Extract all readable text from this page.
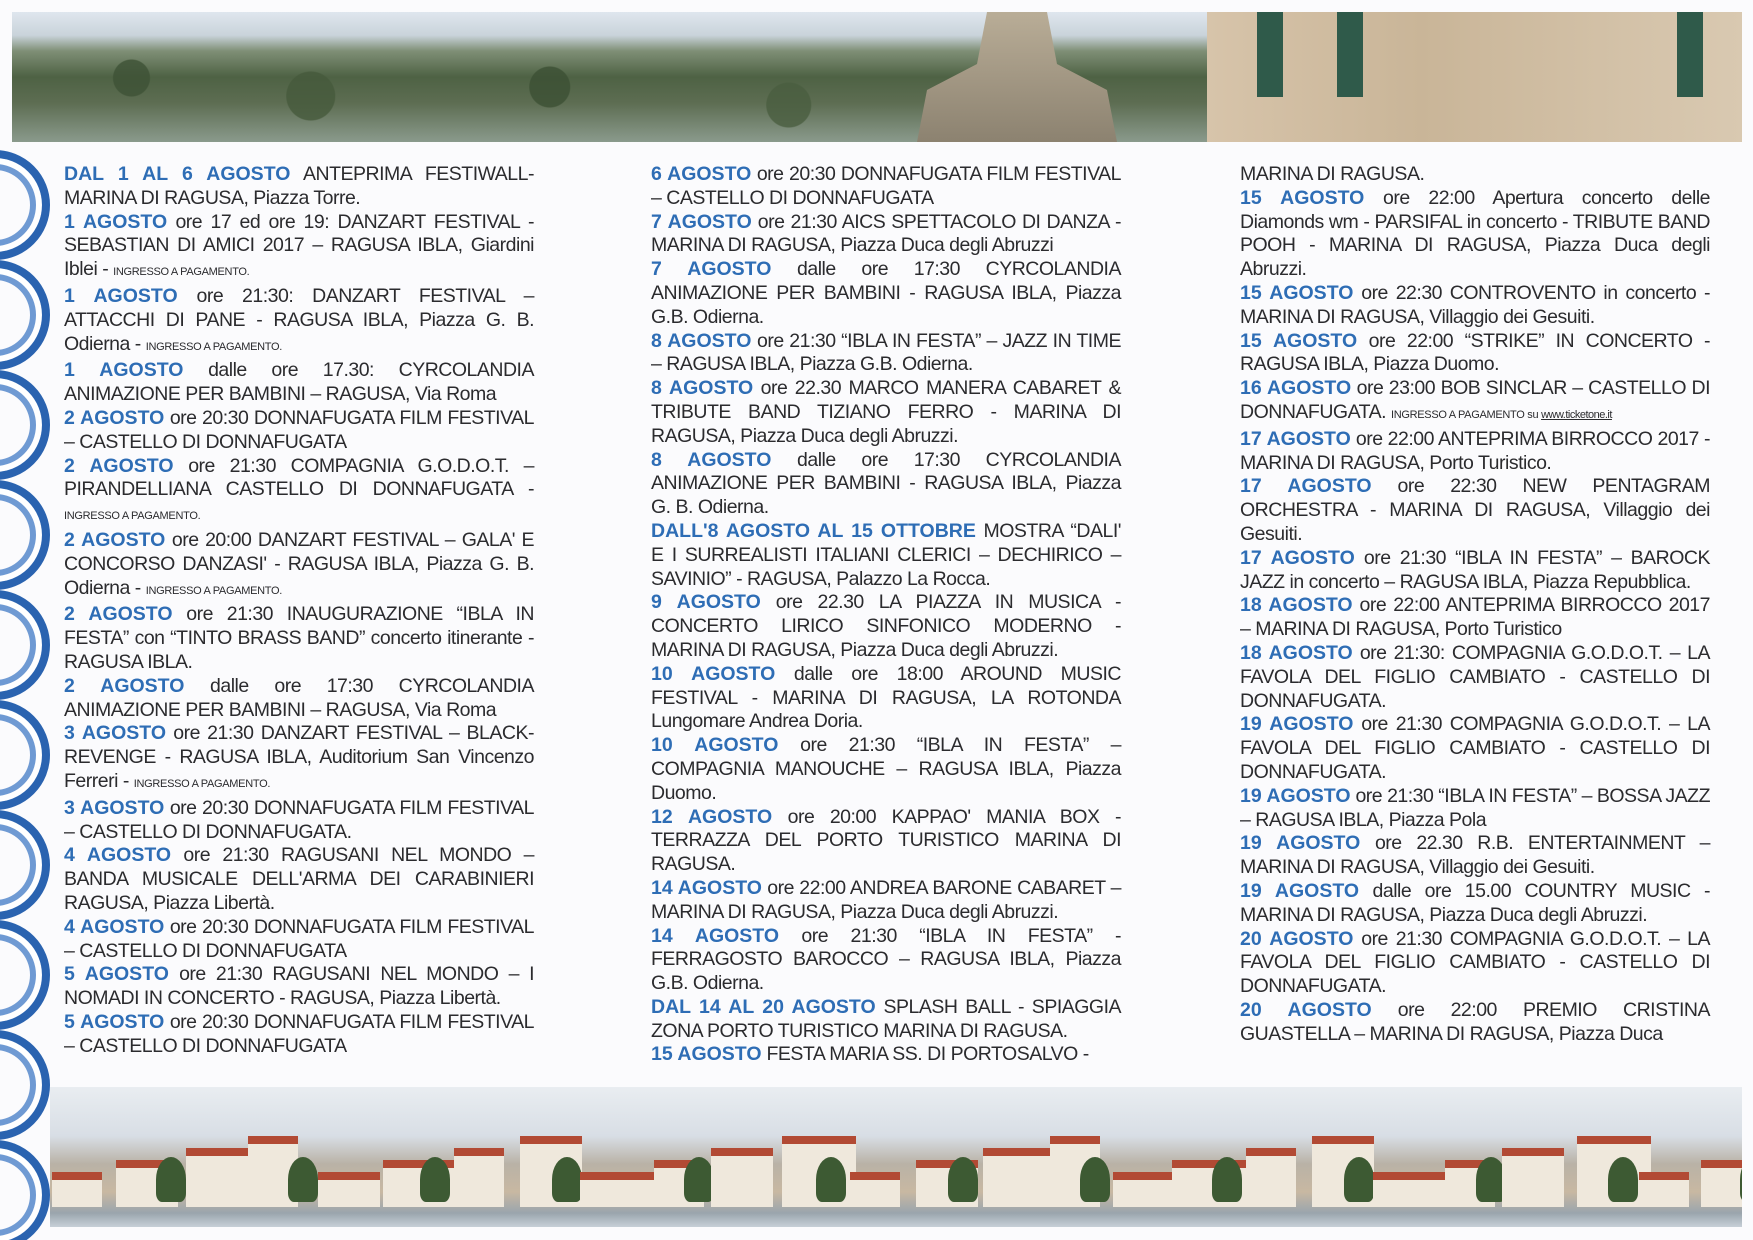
DAL 1 AL 6 AGOSTO ANTEPRIMA FESTIWALL-MARINA DI RAGUSA, Piazza Torre.

1 AGOSTO ore 17 ed ore 19: DANZART FESTIVAL - SEBASTIAN DI AMICI 2017 – RAGUSA IBLA, Giardini Iblei - INGRESSO A PAGAMENTO.

1 AGOSTO ore 21:30: DANZART FESTIVAL – ATTACCHI DI PANE - RAGUSA IBLA, Piazza G. B. Odierna - INGRESSO A PAGAMENTO.

1 AGOSTO dalle ore 17.30: CYRCOLANDIA ANIMAZIONE PER BAMBINI – RAGUSA, Via Roma

2 AGOSTO ore 20:30 DONNAFUGATA FILM FESTIVAL – CASTELLO DI DONNAFUGATA

2 AGOSTO ore 21:30 COMPAGNIA G.O.D.O.T. – PIRANDELLIANA CASTELLO DI DONNAFUGATA - INGRESSO A PAGAMENTO.

2 AGOSTO ore 20:00 DANZART FESTIVAL – GALA' E CONCORSO DANZASI' - RAGUSA IBLA, Piazza G. B. Odierna - INGRESSO A PAGAMENTO.

2 AGOSTO ore 21:30 INAUGURAZIONE “IBLA IN FESTA” con “TINTO BRASS BAND” concerto itinerante - RAGUSA IBLA.

2 AGOSTO dalle ore 17:30 CYRCOLANDIA ANIMAZIONE PER BAMBINI – RAGUSA, Via Roma

3 AGOSTO ore 21:30 DANZART FESTIVAL – BLACK-REVENGE - RAGUSA IBLA, Auditorium San Vincenzo Ferreri - INGRESSO A PAGAMENTO.

3 AGOSTO ore 20:30 DONNAFUGATA FILM FESTIVAL – CASTELLO DI DONNAFUGATA.

4 AGOSTO ore 21:30 RAGUSANI NEL MONDO – BANDA MUSICALE DELL'ARMA DEI CARABINIERI RAGUSA, Piazza Libertà.

4 AGOSTO ore 20:30 DONNAFUGATA FILM FESTIVAL – CASTELLO DI DONNAFUGATA

5 AGOSTO ore 21:30 RAGUSANI NEL MONDO – I NOMADI IN CONCERTO - RAGUSA, Piazza Libertà.

5 AGOSTO ore 20:30 DONNAFUGATA FILM FESTIVAL – CASTELLO DI DONNAFUGATA

6 AGOSTO ore 20:30 DONNAFUGATA FILM FESTIVAL – CASTELLO DI DONNAFUGATA

7 AGOSTO ore 21:30 AICS SPETTACOLO DI DANZA - MARINA DI RAGUSA, Piazza Duca degli Abruzzi

7 AGOSTO dalle ore 17:30 CYRCOLANDIA ANIMAZIONE PER BAMBINI - RAGUSA IBLA, Piazza G.B. Odierna.

8 AGOSTO ore 21:30 “IBLA IN FESTA” – JAZZ IN TIME – RAGUSA IBLA, Piazza G.B. Odierna.

8 AGOSTO ore 22.30 MARCO MANERA CABARET & TRIBUTE BAND TIZIANO FERRO - MARINA DI RAGUSA, Piazza Duca degli Abruzzi.

8 AGOSTO dalle ore 17:30 CYRCOLANDIA ANIMAZIONE PER BAMBINI - RAGUSA IBLA, Piazza G. B. Odierna.

DALL'8 AGOSTO AL 15 OTTOBRE MOSTRA “DALI' E I SURREALISTI ITALIANI CLERICI – DECHIRICO – SAVINIO” - RAGUSA, Palazzo La Rocca.

9 AGOSTO ore 22.30 LA PIAZZA IN MUSICA - CONCERTO LIRICO SINFONICO MODERNO - MARINA DI RAGUSA, Piazza Duca degli Abruzzi.

10 AGOSTO dalle ore 18:00 AROUND MUSIC FESTIVAL - MARINA DI RAGUSA, LA ROTONDA Lungomare Andrea Doria.

10 AGOSTO ore 21:30 “IBLA IN FESTA” – COMPAGNIA MANOUCHE – RAGUSA IBLA, Piazza Duomo.

12 AGOSTO ore 20:00 KAPPAO' MANIA BOX - TERRAZZA DEL PORTO TURISTICO MARINA DI RAGUSA.

14 AGOSTO ore 22:00 ANDREA BARONE CABARET – MARINA DI RAGUSA, Piazza Duca degli Abruzzi.

14 AGOSTO ore 21:30 “IBLA IN FESTA” - FERRAGOSTO BAROCCO – RAGUSA IBLA, Piazza G.B. Odierna.

DAL 14 AL 20 AGOSTO SPLASH BALL - SPIAGGIA ZONA PORTO TURISTICO MARINA DI RAGUSA.

15 AGOSTO FESTA MARIA SS. DI PORTOSALVO -

MARINA DI RAGUSA.

15 AGOSTO ore 22:00 Apertura concerto delle Diamonds wm - PARSIFAL in concerto - TRIBUTE BAND POOH - MARINA DI RAGUSA, Piazza Duca degli Abruzzi.

15 AGOSTO ore 22:30 CONTROVENTO in concerto - MARINA DI RAGUSA, Villaggio dei Gesuiti.

15 AGOSTO ore 22:00 “STRIKE” IN CONCERTO - RAGUSA IBLA, Piazza Duomo.

16 AGOSTO ore 23:00 BOB SINCLAR – CASTELLO DI DONNAFUGATA. INGRESSO A PAGAMENTO su www.ticketone.it

17 AGOSTO ore 22:00 ANTEPRIMA BIRROCCO 2017 - MARINA DI RAGUSA, Porto Turistico.

17 AGOSTO ore 22:30 NEW PENTAGRAM ORCHESTRA - MARINA DI RAGUSA, Villaggio dei Gesuiti.

17 AGOSTO ore 21:30 “IBLA IN FESTA” – BAROCK JAZZ in concerto – RAGUSA IBLA, Piazza Repubblica.

18 AGOSTO ore 22:00 ANTEPRIMA BIRROCCO 2017 – MARINA DI RAGUSA, Porto Turistico

18 AGOSTO ore 21:30: COMPAGNIA G.O.D.O.T. – LA FAVOLA DEL FIGLIO CAMBIATO - CASTELLO DI DONNAFUGATA.

19 AGOSTO ore 21:30 COMPAGNIA G.O.D.O.T. – LA FAVOLA DEL FIGLIO CAMBIATO - CASTELLO DI DONNAFUGATA.

19 AGOSTO ore 21:30 “IBLA IN FESTA” – BOSSA JAZZ – RAGUSA IBLA, Piazza Pola

19 AGOSTO ore 22.30 R.B. ENTERTAINMENT – MARINA DI RAGUSA, Villaggio dei Gesuiti.

19 AGOSTO dalle ore 15.00 COUNTRY MUSIC - MARINA DI RAGUSA, Piazza Duca degli Abruzzi.

20 AGOSTO ore 21:30 COMPAGNIA G.O.D.O.T. – LA FAVOLA DEL FIGLIO CAMBIATO - CASTELLO DI DONNAFUGATA.

20 AGOSTO ore 22:00 PREMIO CRISTINA GUASTELLA – MARINA DI RAGUSA, Piazza Duca
